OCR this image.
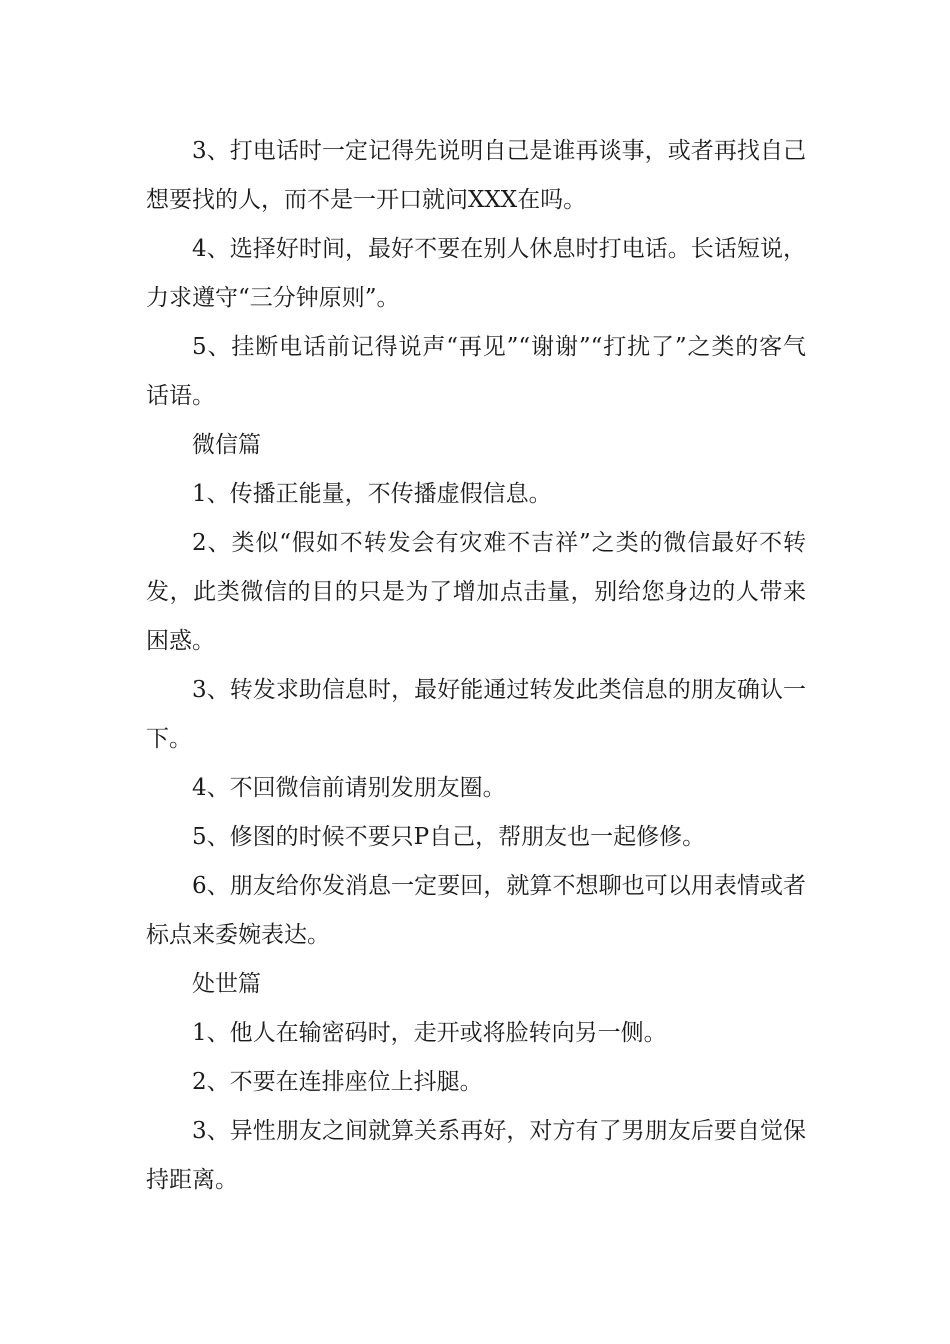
3、打电话时一定记得先说明自己是谁再谈事，或者再找自己想要找的人，而不是一开口就问XXX在吗。

4、选择好时间，最好不要在别人休息时打电话。长话短说，力求遵守“三分钟原则”。

5、挂断电话前记得说声“再见”“谢谢”“打扰了”之类的客气话语。

微信篇

1、传播正能量，不传播虚假信息。

2、类似“假如不转发会有灾难不吉祥”之类的微信最好不转发，此类微信的目的只是为了增加点击量，别给您身边的人带来困惑。

3、转发求助信息时，最好能通过转发此类信息的朋友确认一下。

4、不回微信前请别发朋友圈。

5、修图的时候不要只P自己，帮朋友也一起修修。

6、朋友给你发消息一定要回，就算不想聊也可以用表情或者标点来委婉表达。

处世篇

1、他人在输密码时，走开或将脸转向另一侧。

2、不要在连排座位上抖腿。

3、异性朋友之间就算关系再好，对方有了男朋友后要自觉保持距离。
